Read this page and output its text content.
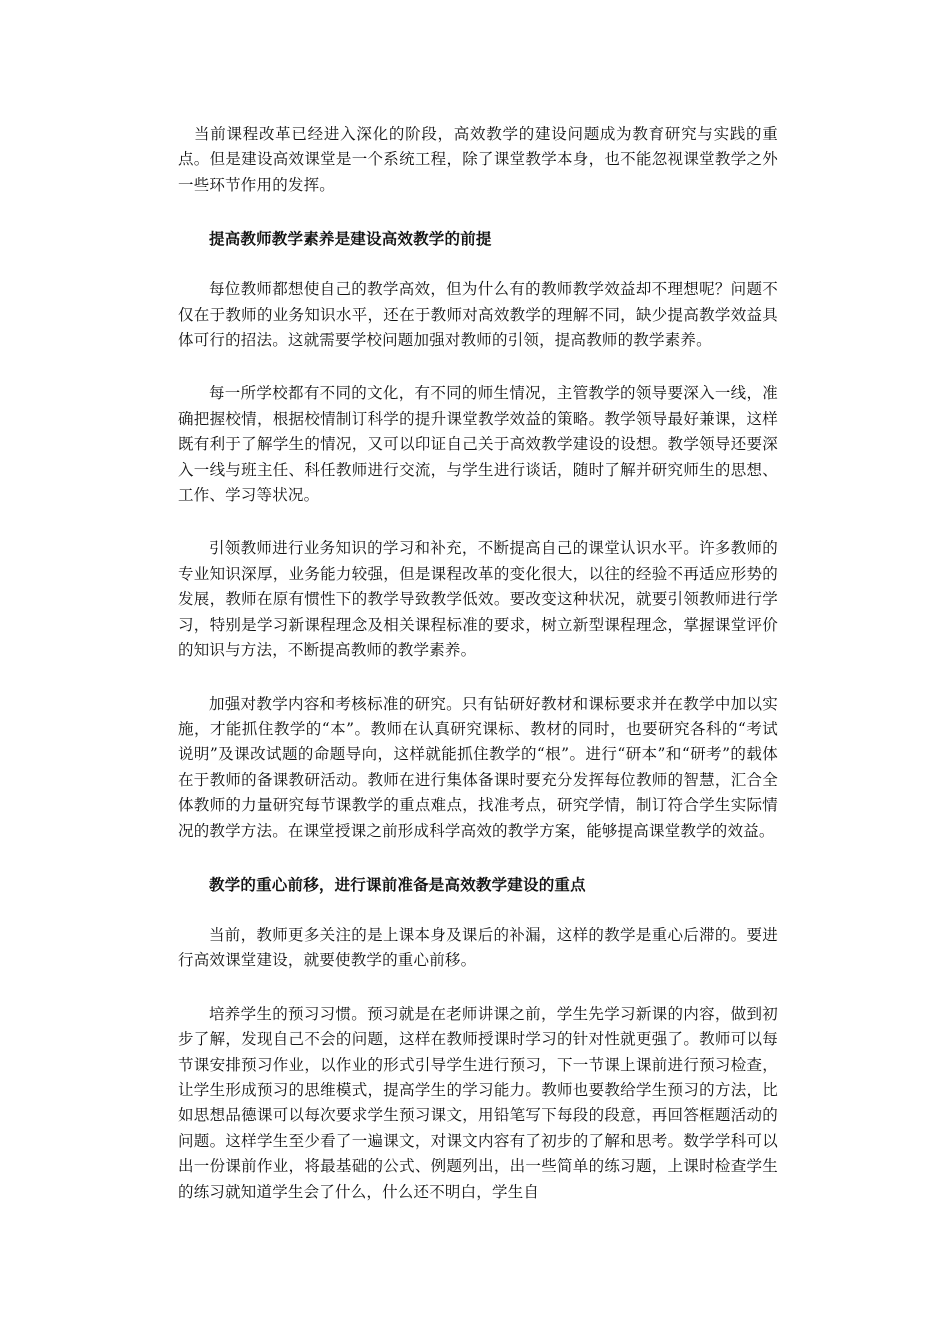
当前课程改革已经进入深化的阶段，高效教学的建设问题成为教育研究与实践的重点。但是建设高效课堂是一个系统工程，除了课堂教学本身，也不能忽视课堂教学之外一些环节作用的发挥。

提高教师教学素养是建设高效教学的前提

每位教师都想使自己的教学高效，但为什么有的教师教学效益却不理想呢？问题不仅在于教师的业务知识水平，还在于教师对高效教学的理解不同，缺少提高教学效益具体可行的招法。这就需要学校问题加强对教师的引领，提高教师的教学素养。

每一所学校都有不同的文化，有不同的师生情况，主管教学的领导要深入一线，准确把握校情，根据校情制订科学的提升课堂教学效益的策略。教学领导最好兼课，这样既有利于了解学生的情况，又可以印证自己关于高效教学建设的设想。教学领导还要深入一线与班主任、科任教师进行交流，与学生进行谈话，随时了解并研究师生的思想、工作、学习等状况。

引领教师进行业务知识的学习和补充，不断提高自己的课堂认识水平。许多教师的专业知识深厚，业务能力较强，但是课程改革的变化很大，以往的经验不再适应形势的发展，教师在原有惯性下的教学导致教学低效。要改变这种状况，就要引领教师进行学习，特别是学习新课程理念及相关课程标准的要求，树立新型课程理念，掌握课堂评价的知识与方法，不断提高教师的教学素养。

加强对教学内容和考核标准的研究。只有钻研好教材和课标要求并在教学中加以实施，才能抓住教学的“本”。教师在认真研究课标、教材的同时，也要研究各科的“考试说明”及课改试题的命题导向，这样就能抓住教学的“根”。进行“研本”和“研考”的载体在于教师的备课教研活动。教师在进行集体备课时要充分发挥每位教师的智慧，汇合全体教师的力量研究每节课教学的重点难点，找准考点，研究学情，制订符合学生实际情况的教学方法。在课堂授课之前形成科学高效的教学方案，能够提高课堂教学的效益。

教学的重心前移，进行课前准备是高效教学建设的重点

当前，教师更多关注的是上课本身及课后的补漏，这样的教学是重心后滞的。要进行高效课堂建设，就要使教学的重心前移。

培养学生的预习习惯。预习就是在老师讲课之前，学生先学习新课的内容，做到初步了解，发现自己不会的问题，这样在教师授课时学习的针对性就更强了。教师可以每节课安排预习作业，以作业的形式引导学生进行预习，下一节课上课前进行预习检查，让学生形成预习的思维模式，提高学生的学习能力。教师也要教给学生预习的方法，比如思想品德课可以每次要求学生预习课文，用铅笔写下每段的段意，再回答框题活动的问题。这样学生至少看了一遍课文，对课文内容有了初步的了解和思考。数学学科可以出一份课前作业，将最基础的公式、例题列出，出一些简单的练习题，上课时检查学生的练习就知道学生会了什么，什么还不明白，学生自
